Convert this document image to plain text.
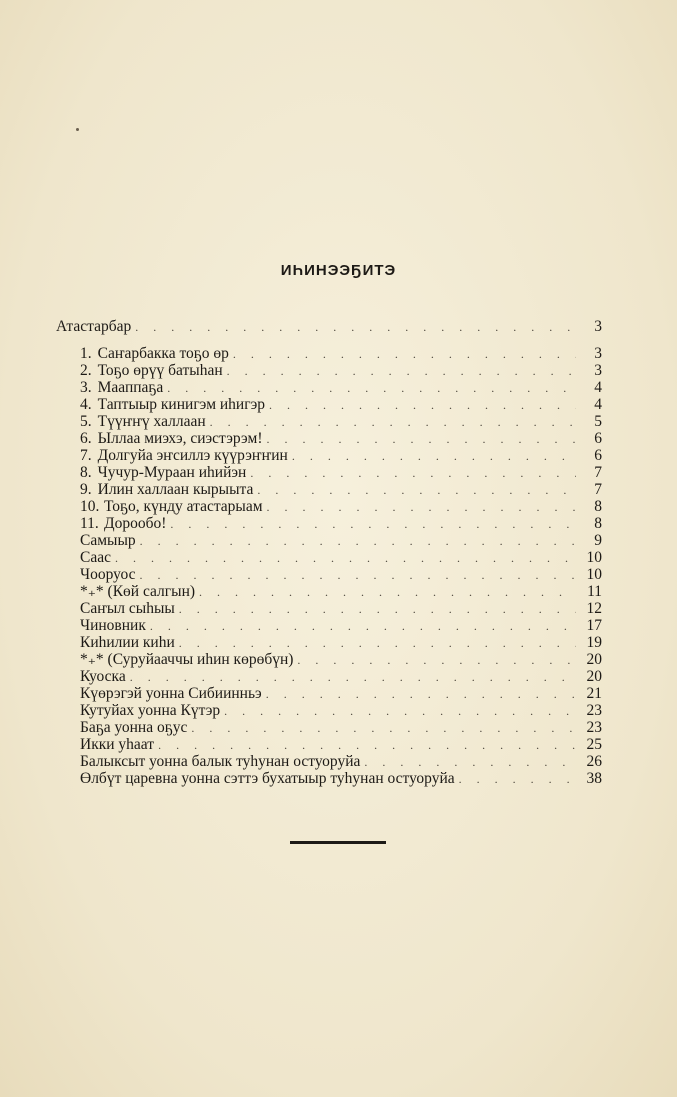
ИҺИНЭЭҔИТЭ
Атастарбар . . .	3
1. Саҥарбакка тоҕо өр . . .	3
2. Тоҕо өрүү батыһан . . .	3
3. Мааппаҕа . . .	4
4. Таптыыр кинигэм иһигэр . . .	4
5. Түүҥҥү халлаан . . .	5
6. Ыллаа миэхэ, сиэстэрэм! . . .	6
7. Долгуйа эҥсиллэ күүрэҥҥин . . .	6
8. Чучур-Мураан иһийэн . . .	7
9. Илин халлаан кырыыта . . .	7
10. Тоҕо, күнду атастарыам . . .	8
11. Дорообо! . . .	8
Самыыр . . .	9
Саас . . .	10
Чооруос . . .	10
*₊* (Көй салгын) . . .	11
Саҥыл сыһыы . . .	12
Чиновник . . .	17
Киһилии киһи . . .	19
*₊* (Суруйааччы иһин көрөбүн) . . .	20
Куоска . . .	20
Күөрэгэй уонна Сибиинньэ . . .	21
Кутуйах уонна Күтэр . . .	23
Баҕа уонна оҕус . . .	23
Икки уһаат . . .	25
Балыксыт уонна балык туһунан остуоруйа . . .	26
Өлбүт царевна уонна сэттэ бухатыыр туһунан остуоруйа . . .	38
